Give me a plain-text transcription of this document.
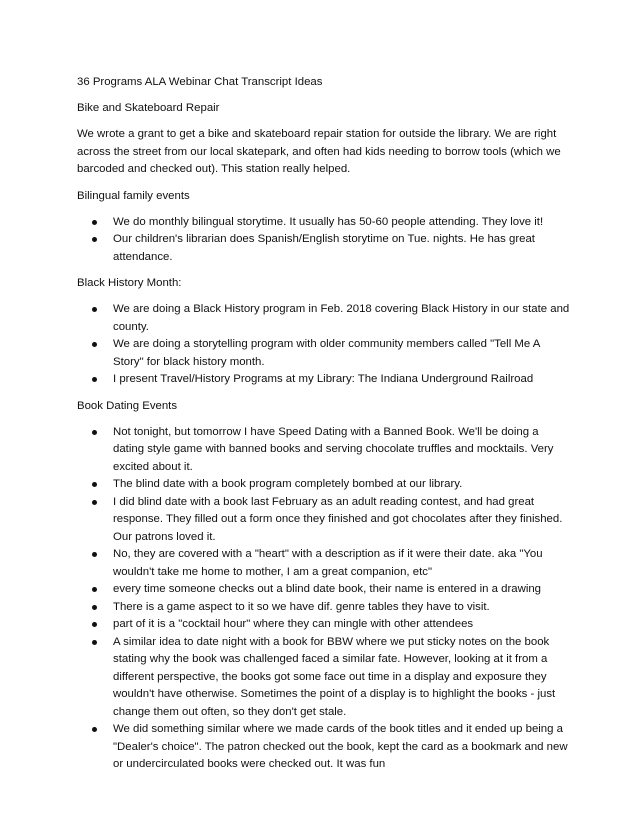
36 Programs ALA Webinar Chat Transcript Ideas

Bike and Skateboard Repair

We wrote a grant to get a bike and skateboard repair station for outside the library. We are right across the street from our local skatepark, and often had kids needing to borrow tools (which we barcoded and checked out). This station really helped.

Bilingual family events

We do monthly bilingual storytime. It usually has 50-60 people attending. They love it!
Our children's librarian does Spanish/English storytime on Tue. nights. He has great attendance.

Black History Month:

We are doing a Black History program in Feb. 2018 covering Black History in our state and county.
We are doing a storytelling program with older community members called "Tell Me A Story" for black history month.
I present Travel/History Programs at my Library: The Indiana Underground Railroad

Book Dating Events

Not tonight, but tomorrow I have Speed Dating with a Banned Book. We'll be doing a dating style game with banned books and serving chocolate truffles and mocktails. Very excited about it.
The blind date with a book program completely bombed at our library.
I did blind date with a book last February as an adult reading contest, and had great response. They filled out a form once they finished and got chocolates after they finished. Our patrons loved it.
No, they are covered with a "heart" with a description as if it were their date. aka "You wouldn't take me home to mother, I am a great companion, etc"
every time someone checks out a blind date book, their name is entered in a drawing
There is a game aspect to it so we have dif. genre tables they have to visit.
part of it is a "cocktail hour" where they can mingle with other attendees
A similar idea to date night with a book for BBW where we put sticky notes on the book stating why the book was challenged faced a similar fate. However, looking at it from a different perspective, the books got some face out time in a display and exposure they wouldn't have otherwise. Sometimes the point of a display is to highlight the books - just change them out often, so they don't get stale.
We did something similar where we made cards of the book titles and it ended up being a "Dealer's choice". The patron checked out the book, kept the card as a bookmark and new or undercirculated books were checked out. It was fun
